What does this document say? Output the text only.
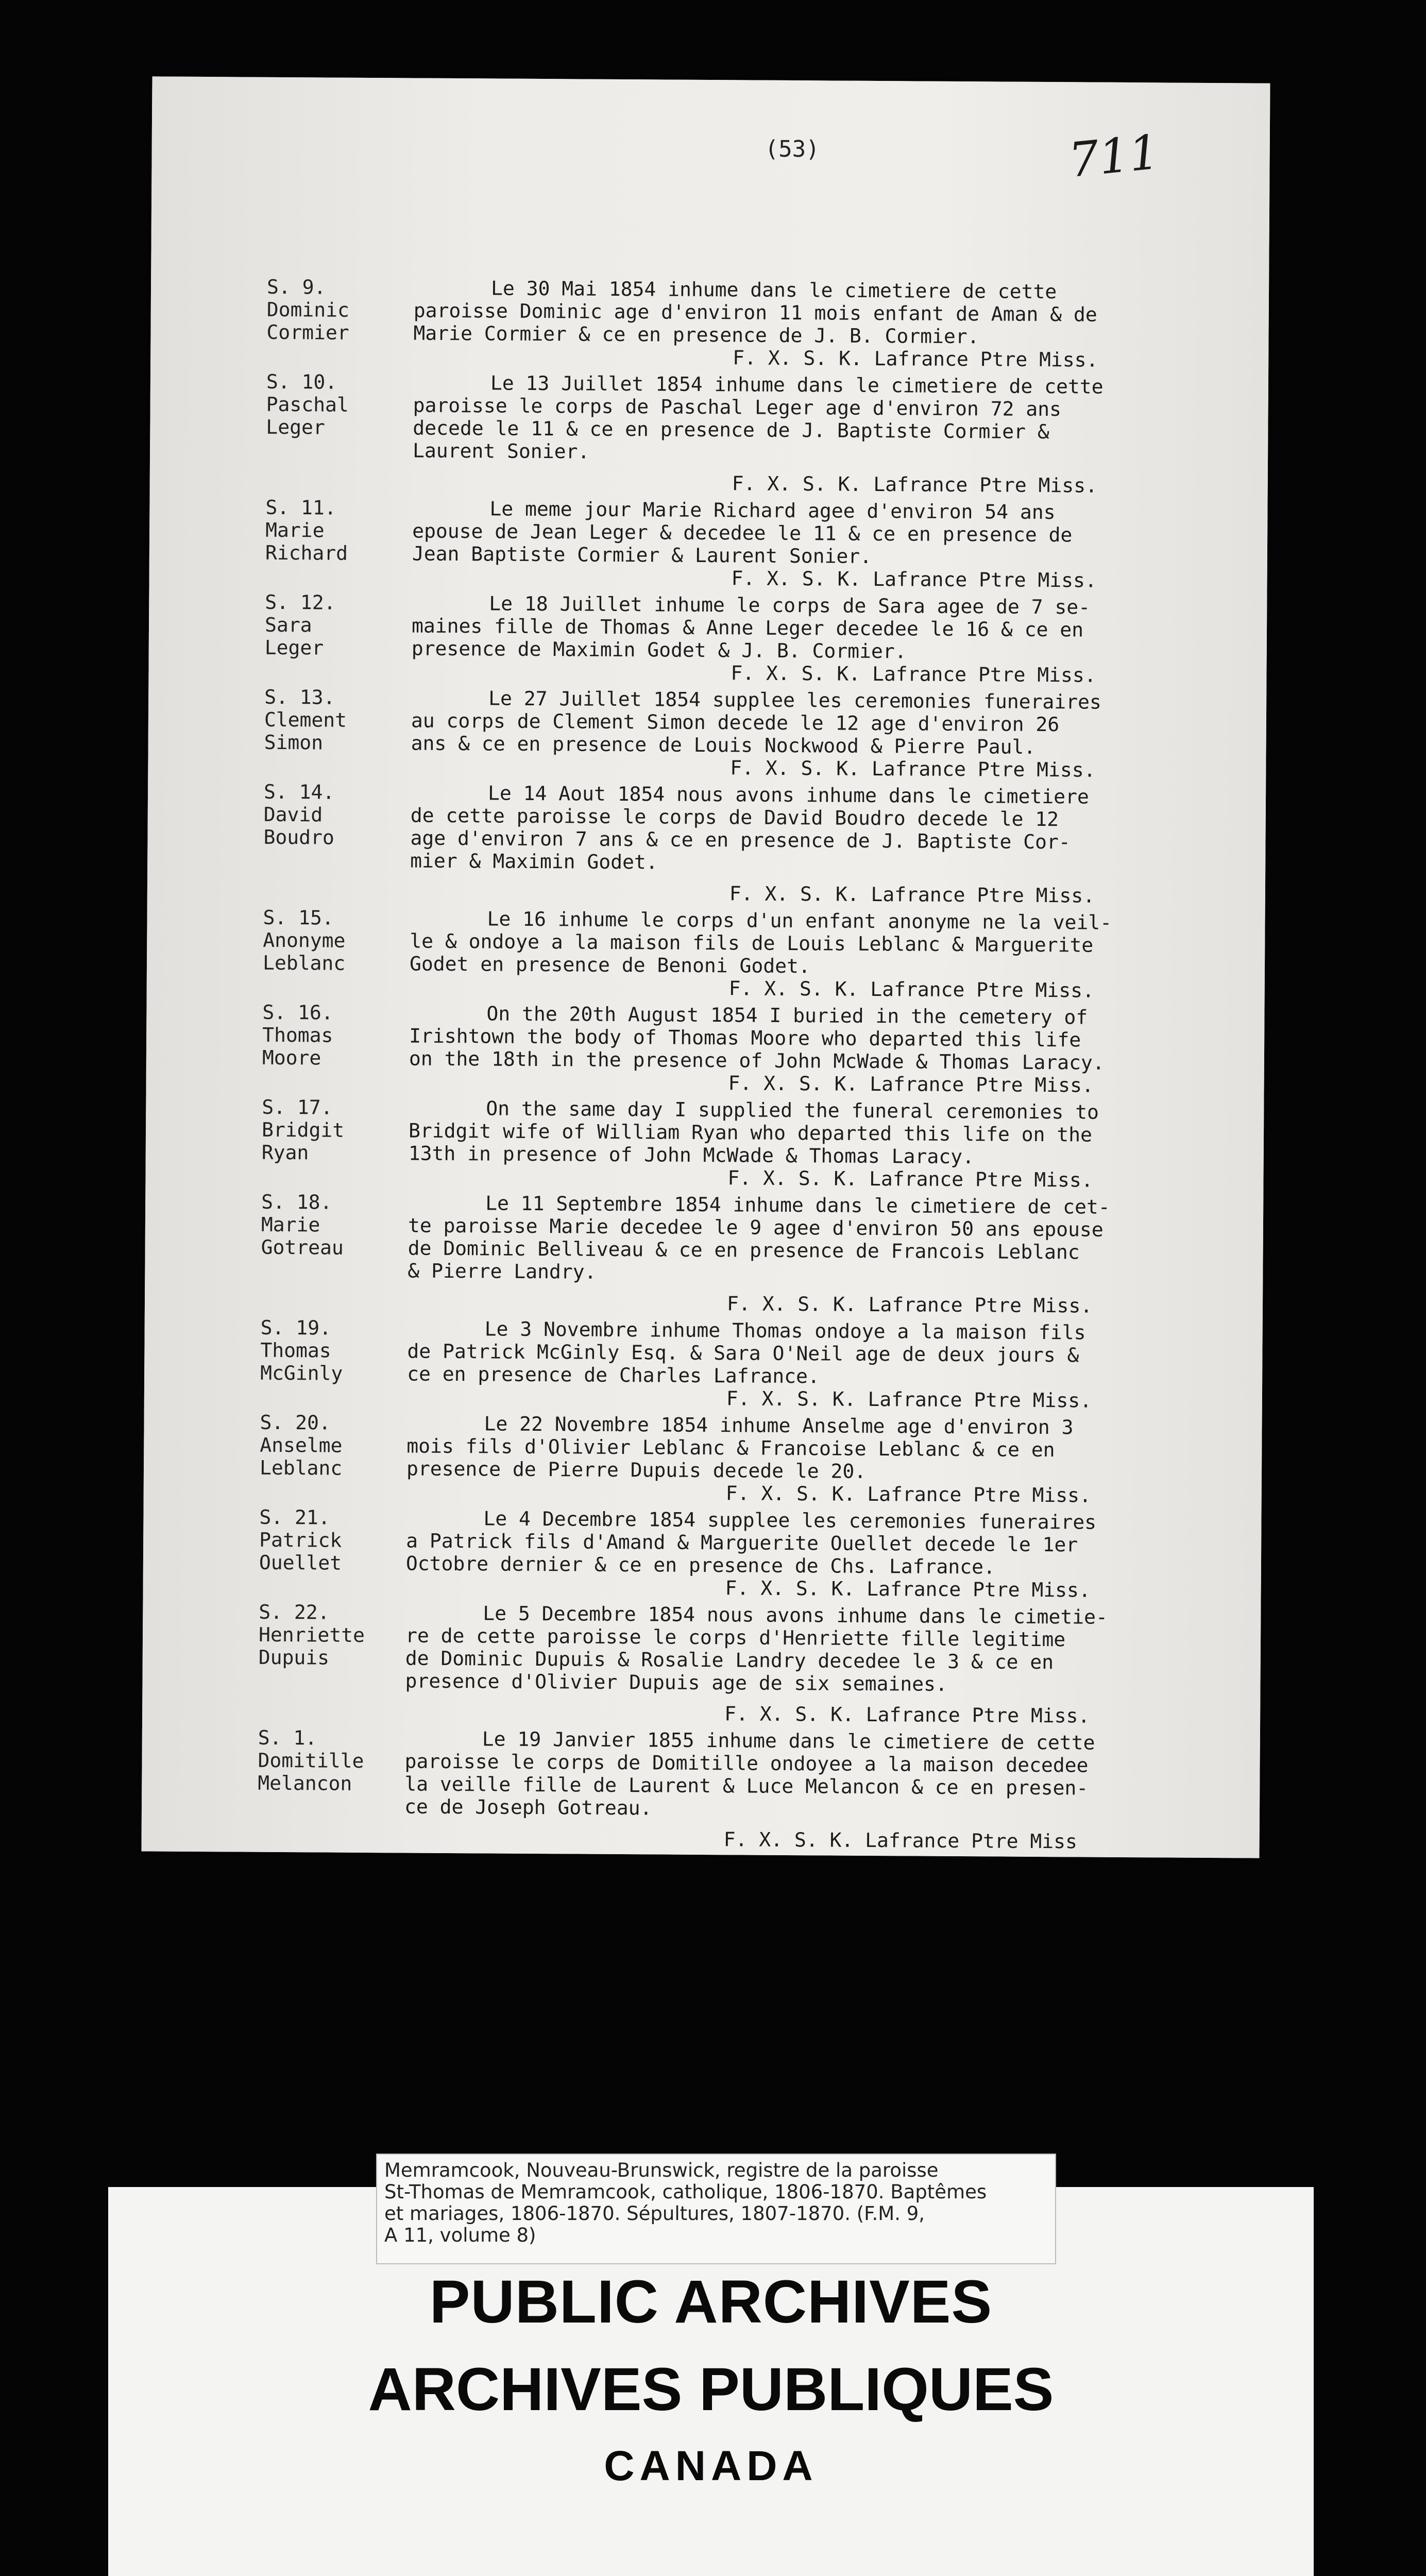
(53)	711
S. 9.
Dominic
Cormier
Le 30 Mai 1854 inhume dans le cimetiere de cette
paroisse Dominic age d'environ 11 mois enfant de Aman & de
Marie Cormier & ce en presence de J. B. Cormier.
F. X. S. K. Lafrance Ptre Miss.
S. 10.
Paschal
Leger
Le 13 Juillet 1854 inhume dans le cimetiere de cette
paroisse le corps de Paschal Leger age d'environ 72 ans
decede le 11 & ce en presence de J. Baptiste Cormier &
Laurent Sonier.
F. X. S. K. Lafrance Ptre Miss.
S. 11.
Marie
Richard
Le meme jour Marie Richard agee d'environ 54 ans
epouse de Jean Leger & decedee le 11 & ce en presence de
Jean Baptiste Cormier & Laurent Sonier.
F. X. S. K. Lafrance Ptre Miss.
S. 12.
Sara
Leger
Le 18 Juillet inhume le corps de Sara agee de 7 se-
maines fille de Thomas & Anne Leger decedee le 16 & ce en
presence de Maximin Godet & J. B. Cormier.
F. X. S. K. Lafrance Ptre Miss.
S. 13.
Clement
Simon
Le 27 Juillet 1854 supplee les ceremonies funeraires
au corps de Clement Simon decede le 12 age d'environ 26
ans & ce en presence de Louis Nockwood & Pierre Paul.
F. X. S. K. Lafrance Ptre Miss.
S. 14.
David
Boudro
Le 14 Aout 1854 nous avons inhume dans le cimetiere
de cette paroisse le corps de David Boudro decede le 12
age d'environ 7 ans & ce en presence de J. Baptiste Cor-
mier & Maximin Godet.
F. X. S. K. Lafrance Ptre Miss.
S. 15.
Anonyme
Leblanc
Le 16 inhume le corps d'un enfant anonyme ne la veil-
le & ondoye a la maison fils de Louis Leblanc & Marguerite
Godet en presence de Benoni Godet.
F. X. S. K. Lafrance Ptre Miss.
S. 16.
Thomas
Moore
On the 20th August 1854 I buried in the cemetery of
Irishtown the body of Thomas Moore who departed this life
on the 18th in the presence of John McWade & Thomas Laracy.
F. X. S. K. Lafrance Ptre Miss.
S. 17.
Bridgit
Ryan
On the same day I supplied the funeral ceremonies to
Bridgit wife of William Ryan who departed this life on the
13th in presence of John McWade & Thomas Laracy.
F. X. S. K. Lafrance Ptre Miss.
S. 18.
Marie
Gotreau
Le 11 Septembre 1854 inhume dans le cimetiere de cet-
te paroisse Marie decedee le 9 agee d'environ 50 ans epouse
de Dominic Belliveau & ce en presence de Francois Leblanc
& Pierre Landry.
F. X. S. K. Lafrance Ptre Miss.
S. 19.
Thomas
McGinly
Le 3 Novembre inhume Thomas ondoye a la maison fils
de Patrick McGinly Esq. & Sara O'Neil age de deux jours &
ce en presence de Charles Lafrance.
F. X. S. K. Lafrance Ptre Miss.
S. 20.
Anselme
Leblanc
Le 22 Novembre 1854 inhume Anselme age d'environ 3
mois fils d'Olivier Leblanc & Francoise Leblanc & ce en
presence de Pierre Dupuis decede le 20.
F. X. S. K. Lafrance Ptre Miss.
S. 21.
Patrick
Ouellet
Le 4 Decembre 1854 supplee les ceremonies funeraires
a Patrick fils d'Amand & Marguerite Ouellet decede le 1er
Octobre dernier & ce en presence de Chs. Lafrance.
F. X. S. K. Lafrance Ptre Miss.
S. 22.
Henriette
Dupuis
Le 5 Decembre 1854 nous avons inhume dans le cimetie-
re de cette paroisse le corps d'Henriette fille legitime
de Dominic Dupuis & Rosalie Landry decedee le 3 & ce en
presence d'Olivier Dupuis age de six semaines.
F. X. S. K. Lafrance Ptre Miss.
S. 1.
Domitille
Melancon
Le 19 Janvier 1855 inhume dans le cimetiere de cette
paroisse le corps de Domitille ondoyee a la maison decedee
la veille fille de Laurent & Luce Melancon & ce en presen-
ce de Joseph Gotreau.
F. X. S. K. Lafrance Ptre Miss
Memramcook, Nouveau-Brunswick, registre de la paroisse
St-Thomas de Memramcook, catholique, 1806-1870. Baptêmes
et mariages, 1806-1870. Sépultures, 1807-1870. (F.M. 9,
A 11, volume 8)
PUBLIC ARCHIVES
ARCHIVES PUBLIQUES
CANADA
